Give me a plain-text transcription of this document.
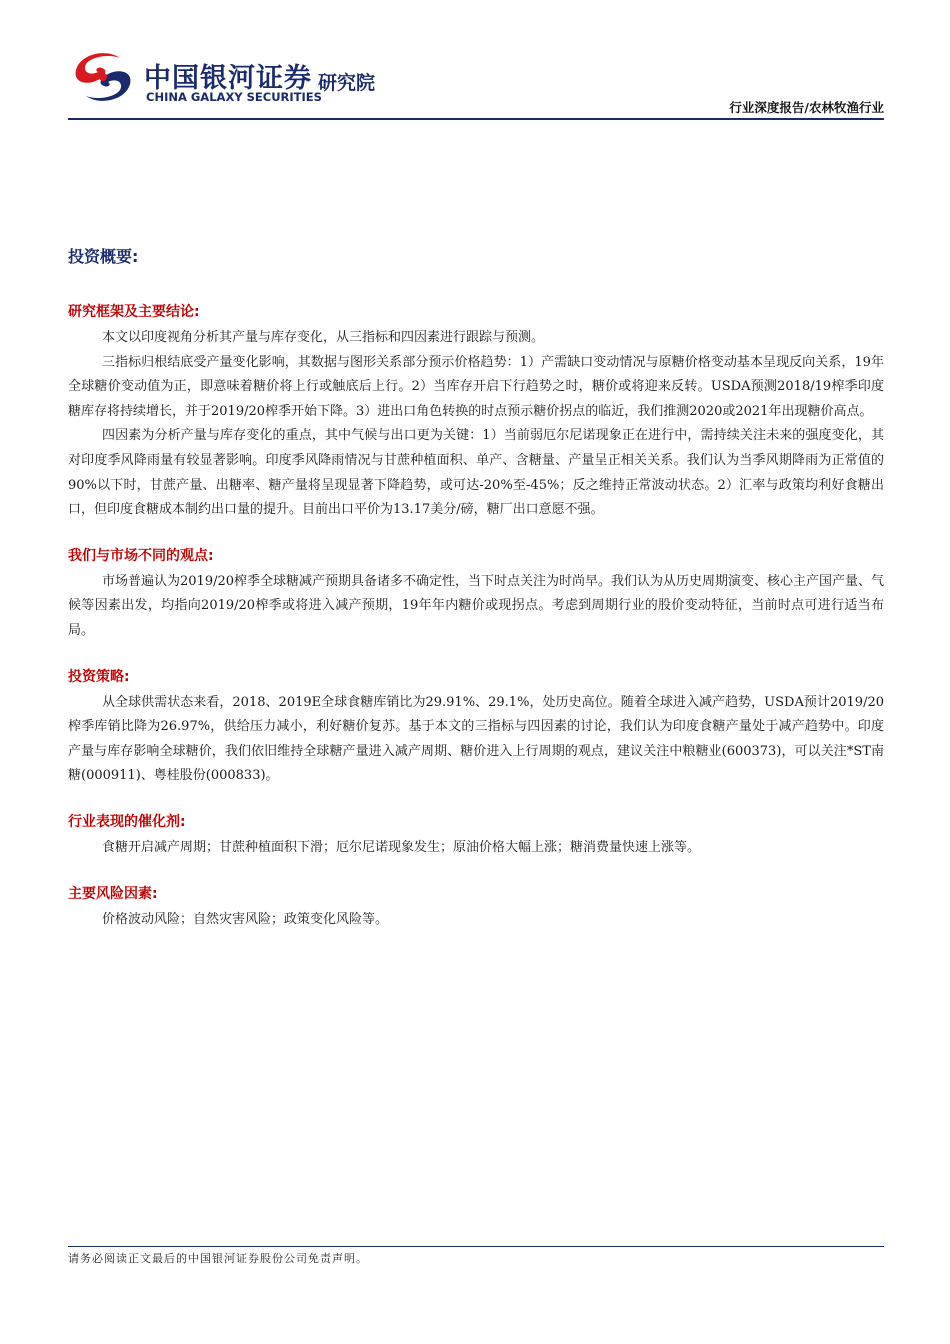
中国银河证券
CHINA GALAXY SECURITIES
研究院
行业深度报告/农林牧渔行业
投资概要:
研究框架及主要结论:

本文以印度视角分析其产量与库存变化，从三指标和四因素进行跟踪与预测。

三指标归根结底受产量变化影响，其数据与图形关系部分预示价格趋势：1）产需缺口变动情况与原糖价格变动基本呈现反向关系，19年全球糖价变动值为正，即意味着糖价将上行或触底后上行。2）当库存开启下行趋势之时，糖价或将迎来反转。USDA预测2018/19榨季印度糖库存将持续增长，并于2019/20榨季开始下降。3）进出口角色转换的时点预示糖价拐点的临近，我们推测2020或2021年出现糖价高点。

四因素为分析产量与库存变化的重点，其中气候与出口更为关键：1）当前弱厄尔尼诺现象正在进行中，需持续关注未来的强度变化，其对印度季风降雨量有较显著影响。印度季风降雨情况与甘蔗种植面积、单产、含糖量、产量呈正相关关系。我们认为当季风期降雨为正常值的90%以下时，甘蔗产量、出糖率、糖产量将呈现显著下降趋势，或可达-20%至-45%；反之维持正常波动状态。2）汇率与政策均利好食糖出口，但印度食糖成本制约出口量的提升。目前出口平价为13.17美分/磅，糖厂出口意愿不强。

我们与市场不同的观点:

市场普遍认为2019/20榨季全球糖减产预期具备诸多不确定性，当下时点关注为时尚早。我们认为从历史周期演变、核心主产国产量、气候等因素出发，均指向2019/20榨季或将进入减产预期，19年年内糖价或现拐点。考虑到周期行业的股价变动特征，当前时点可进行适当布局。

投资策略:

从全球供需状态来看，2018、2019E全球食糖库销比为29.91%、29.1%，处历史高位。随着全球进入减产趋势，USDA预计2019/20榨季库销比降为26.97%，供给压力减小，利好糖价复苏。基于本文的三指标与四因素的讨论，我们认为印度食糖产量处于减产趋势中。印度产量与库存影响全球糖价，我们依旧维持全球糖产量进入减产周期、糖价进入上行周期的观点，建议关注中粮糖业(600373)，可以关注*ST南糖(000911)、粤桂股份(000833)。

行业表现的催化剂:

食糖开启减产周期；甘蔗种植面积下滑；厄尔尼诺现象发生；原油价格大幅上涨；糖消费量快速上涨等。

主要风险因素:

价格波动风险；自然灾害风险；政策变化风险等。

请务必阅读正文最后的中国银河证券股份公司免责声明。
